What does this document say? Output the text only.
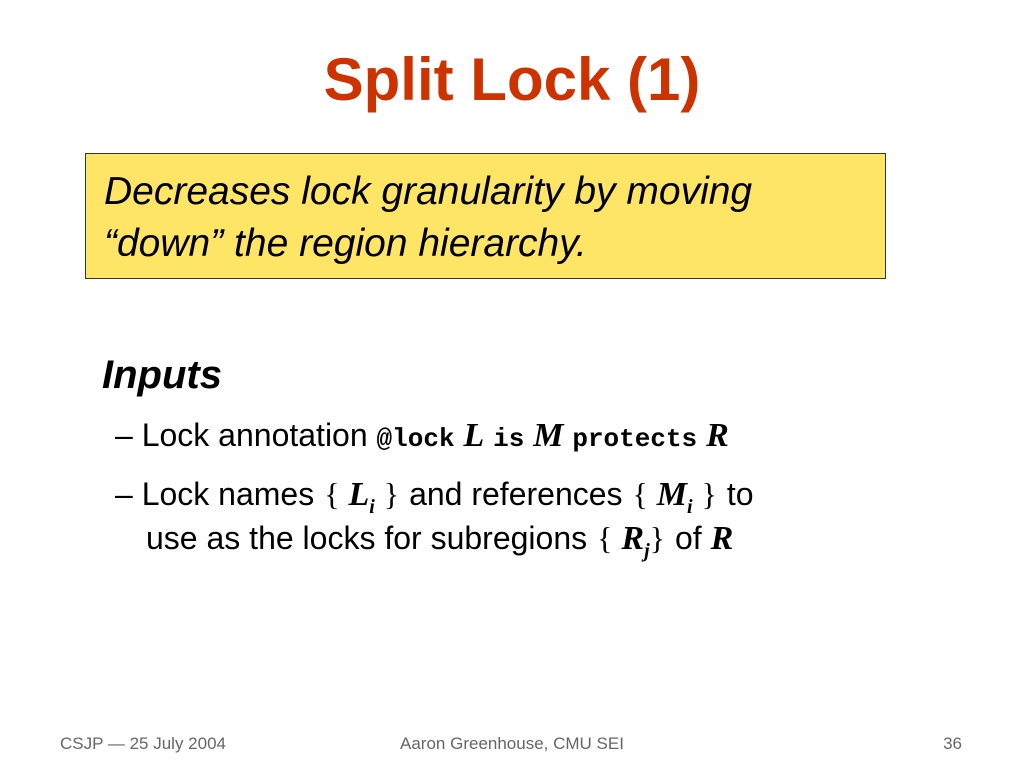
Split Lock (1)
Decreases lock granularity by moving
“down” the region hierarchy.
Inputs
– Lock annotation @lock L is M protects R
– Lock names { $L_i$ } and references { $M_i$ } to
use as the locks for subregions { $R_j$} of R
CSJP — 25 July 2004	Aaron Greenhouse, CMU SEI	36
